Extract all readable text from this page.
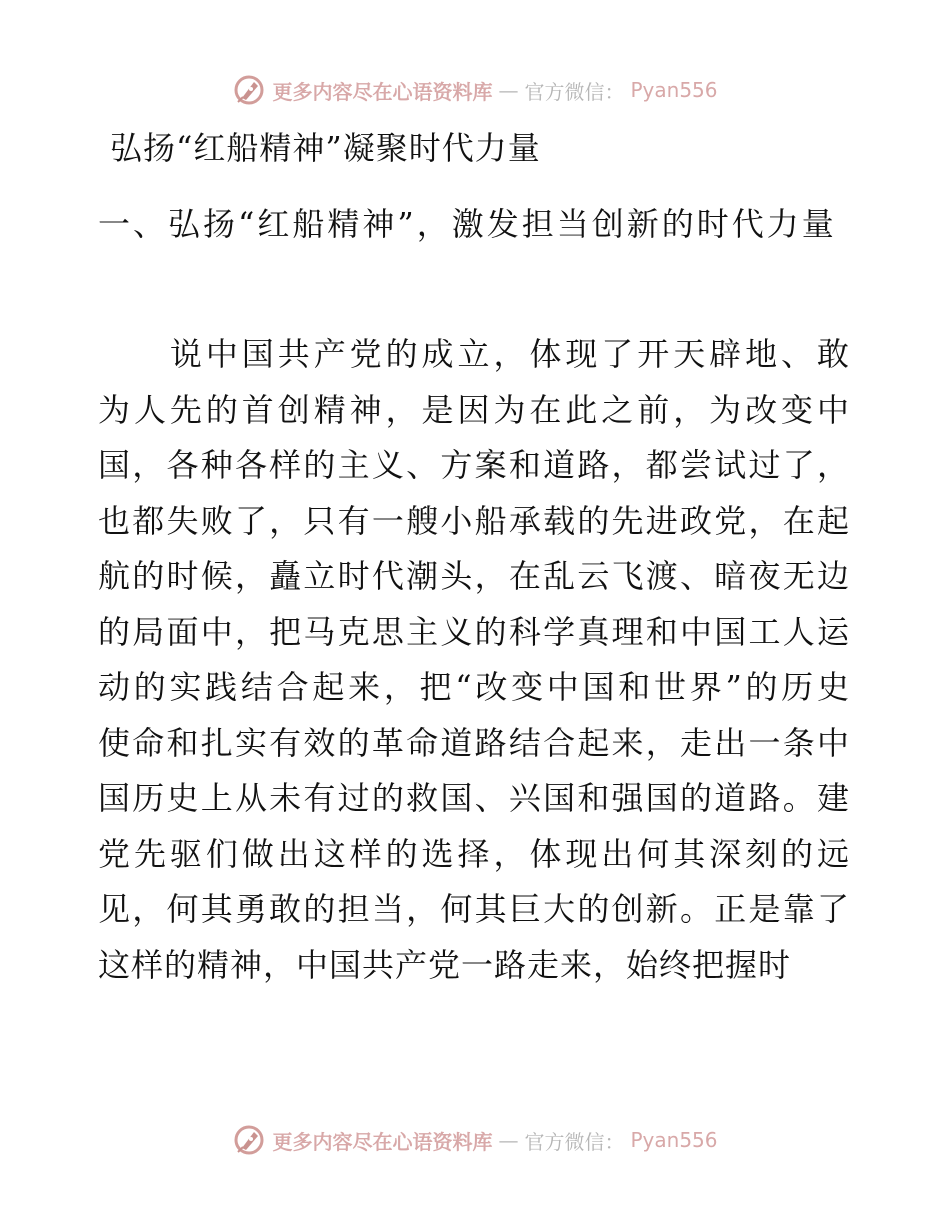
更多内容尽在心语资料库 — 官方微信： Pyan556
弘扬“红船精神”凝聚时代力量
一、弘扬“红船精神”，激发担当创新的时代力量
　　说中国共产党的成立，体现了开天辟地、敢
为人先的首创精神，是因为在此之前，为改变中
国，各种各样的主义、方案和道路，都尝试过了，
也都失败了，只有一艘小船承载的先进政党，在起
航的时候，矗立时代潮头，在乱云飞渡、暗夜无边
的局面中，把马克思主义的科学真理和中国工人运
动的实践结合起来，把“改变中国和世界”的历史
使命和扎实有效的革命道路结合起来，走出一条中
国历史上从未有过的救国、兴国和强国的道路。建
党先驱们做出这样的选择，体现出何其深刻的远
见，何其勇敢的担当，何其巨大的创新。正是靠了
这样的精神，中国共产党一路走来，始终把握时
更多内容尽在心语资料库 — 官方微信： Pyan556
